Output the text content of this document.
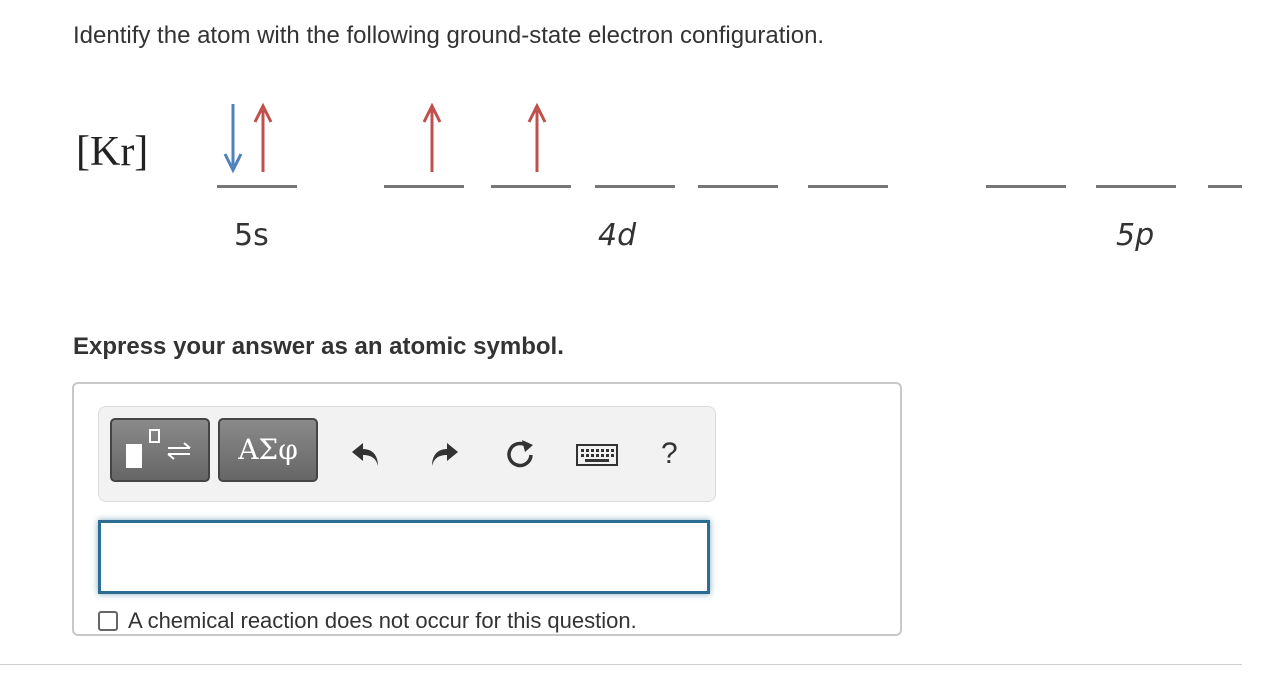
Identify the atom with the following ground-state electron configuration.
[Kr]
5s	4d	5p
Express your answer as an atomic symbol.
ΑΣφ	?
A chemical reaction does not occur for this question.
